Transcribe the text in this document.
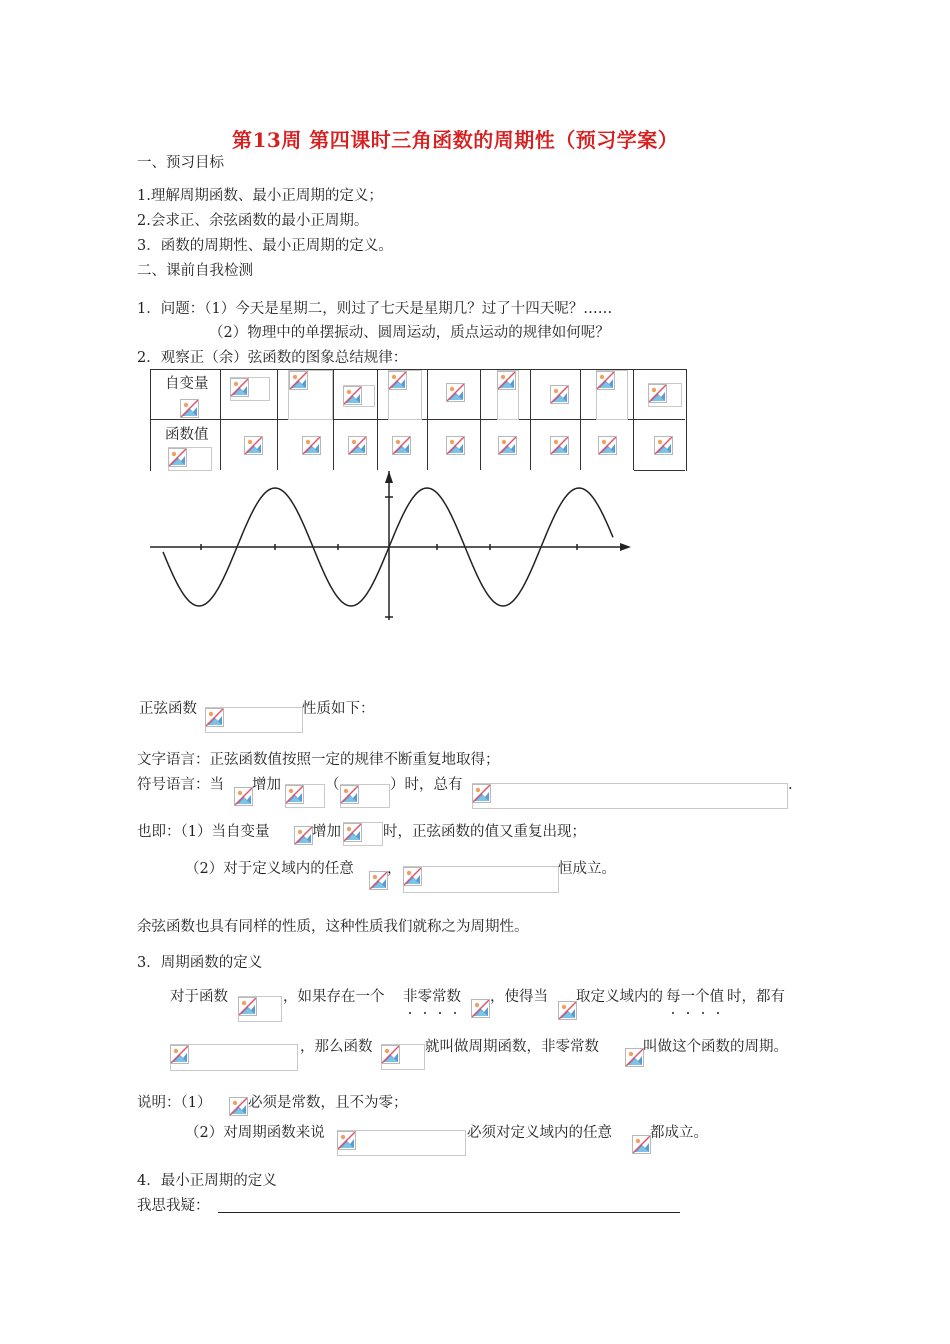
第13周 第四课时三角函数的周期性（预习学案）
一、预习目标
1.理解周期函数、最小正周期的定义；
2.会求正、余弦函数的最小正周期。
3．函数的周期性、最小正周期的定义。
二、课前自我检测
1．问题：（1）今天是星期二，则过了七天是星期几？过了十四天呢？……
（2）物理中的单摆振动、圆周运动，质点运动的规律如何呢？
2．观察正（余）弦函数的图象总结规律：
自变量
函数值
正弦函数	性质如下：
文字语言：正弦函数值按照一定的规律不断重复地取得；
符号语言：当 增加	（	）时，总有	.
也即：（1）当自变量	增加	时，正弦函数的值又重复出现；
（2）对于定义域内的任意 ，	恒成立。
余弦函数也具有同样的性质，这种性质我们就称之为周期性。
3．周期函数的定义
对于函数	，如果存在一个 非零常数 ，使得当 取定义域内的 每一个值 时，都有
，那么函数	就叫做周期函数，非零常数	叫做这个函数的周期。
说明：（1）	必须是常数，且不为零；
（2）对周期函数来说	必须对定义域内的任意	都成立。
4．最小正周期的定义
我思我疑：
